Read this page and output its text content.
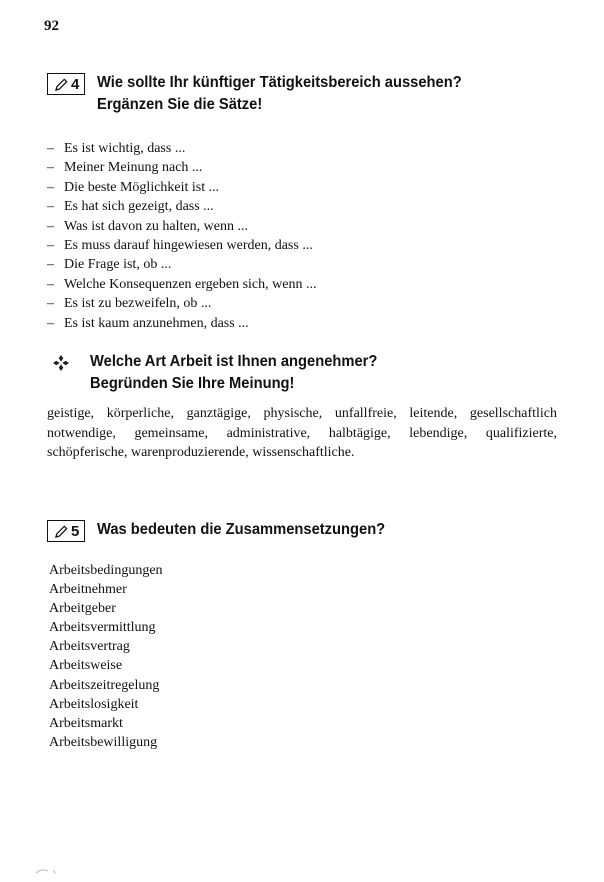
92
4 Wie sollte Ihr künftiger Tätigkeitsbereich aussehen?
Ergänzen Sie die Sätze!
– Es ist wichtig, dass ...
– Meiner Meinung nach ...
– Die beste Möglichkeit ist ...
– Es hat sich gezeigt, dass ...
– Was ist davon zu halten, wenn ...
– Es muss darauf hingewiesen werden, dass ...
– Die Frage ist, ob ...
– Welche Konsequenzen ergeben sich, wenn ...
– Es ist zu bezweifeln, ob ...
– Es ist kaum anzunehmen, dass ...
Welche Art Arbeit ist Ihnen angenehmer?
Begründen Sie Ihre Meinung!
geistige, körperliche, ganztägige, physische, unfallfreie, leitende, gesellschaftlich notwendige, gemeinsame, administrative, halbtägige, lebendige, qualifizierte, schöpferische, warenproduzierende, wissenschaftliche.
5 Was bedeuten die Zusammensetzungen?
Arbeitsbedingungen
Arbeitnehmer
Arbeitgeber
Arbeitsvermittlung
Arbeitsvertrag
Arbeitsweise
Arbeitszeitregelung
Arbeitslosigkeit
Arbeitsmarkt
Arbeitsbewilligung
